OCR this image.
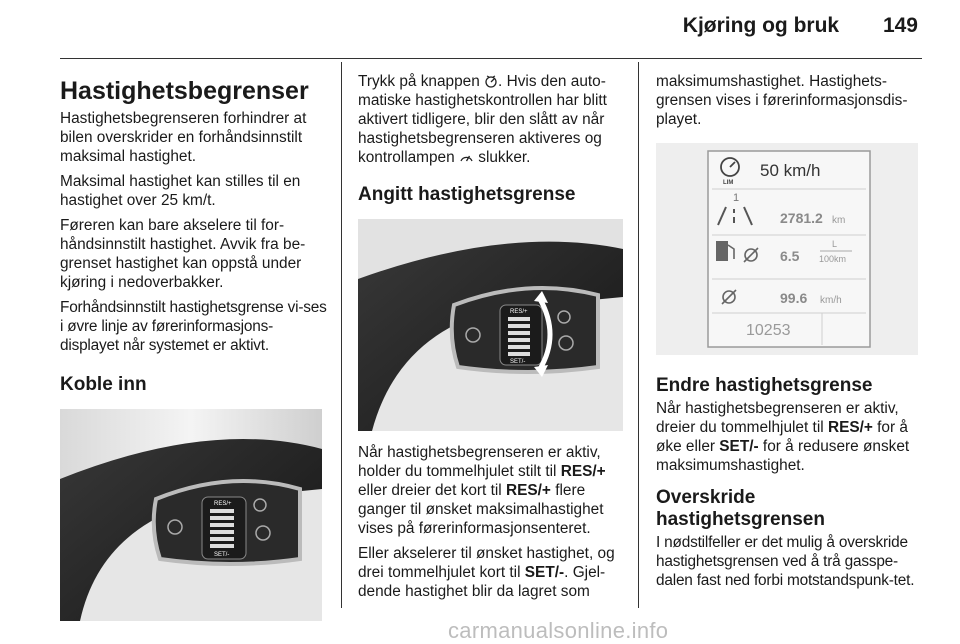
Kjøring og bruk 149
Hastighetsbegrenser

Hastighetsbegrenseren forhindrer at bilen overskrider en forhåndsinnstilt maksimal hastighet.

Maksimal hastighet kan stilles til en hastighet over 25 km/t.

Føreren kan bare akselere til for-håndsinnstilt hastighet. Avvik fra be-grenset hastighet kan oppstå under kjøring i nedoverbakker.

Forhåndsinnstilt hastighetsgrense vi-ses i øvre linje av førerinformasjons-displayet når systemet er aktivt.

Koble inn
RES/+
SET/-

Trykk på knappen . Hvis den auto-matiske hastighetskontrollen har blitt aktivert tidligere, blir den slått av når hastighetsbegrenseren aktiveres og kontrollampen slukker.

Angitt hastighetsgrense
RES/+
SET/-

Når hastighetsbegrenseren er aktiv, holder du tommelhjulet stilt til RES/+ eller dreier det kort til RES/+ flere ganger til ønsket maksimalhastighet vises på førerinformasjonsenteret.

Eller akselerer til ønsket hastighet, og drei tommelhjulet kort til SET/-. Gjel-dende hastighet blir da lagret som

maksimumshastighet. Hastighets-grensen vises i førerinformasjonsdis-playet.

LIM
50 km/h
1
2781.2 km
6.5
L
100km
99.6 km/h
10253
Endre hastighetsgrense

Når hastighetsbegrenseren er aktiv, dreier du tommelhjulet til RES/+ for å øke eller SET/- for å redusere ønsket maksimumshastighet.

Overskride hastighetsgrensen

I nødstilfeller er det mulig å overskride hastighetsgrensen ved å trå gasspe-dalen fast ned forbi motstandspunk-tet.

carmanualsonline.info
